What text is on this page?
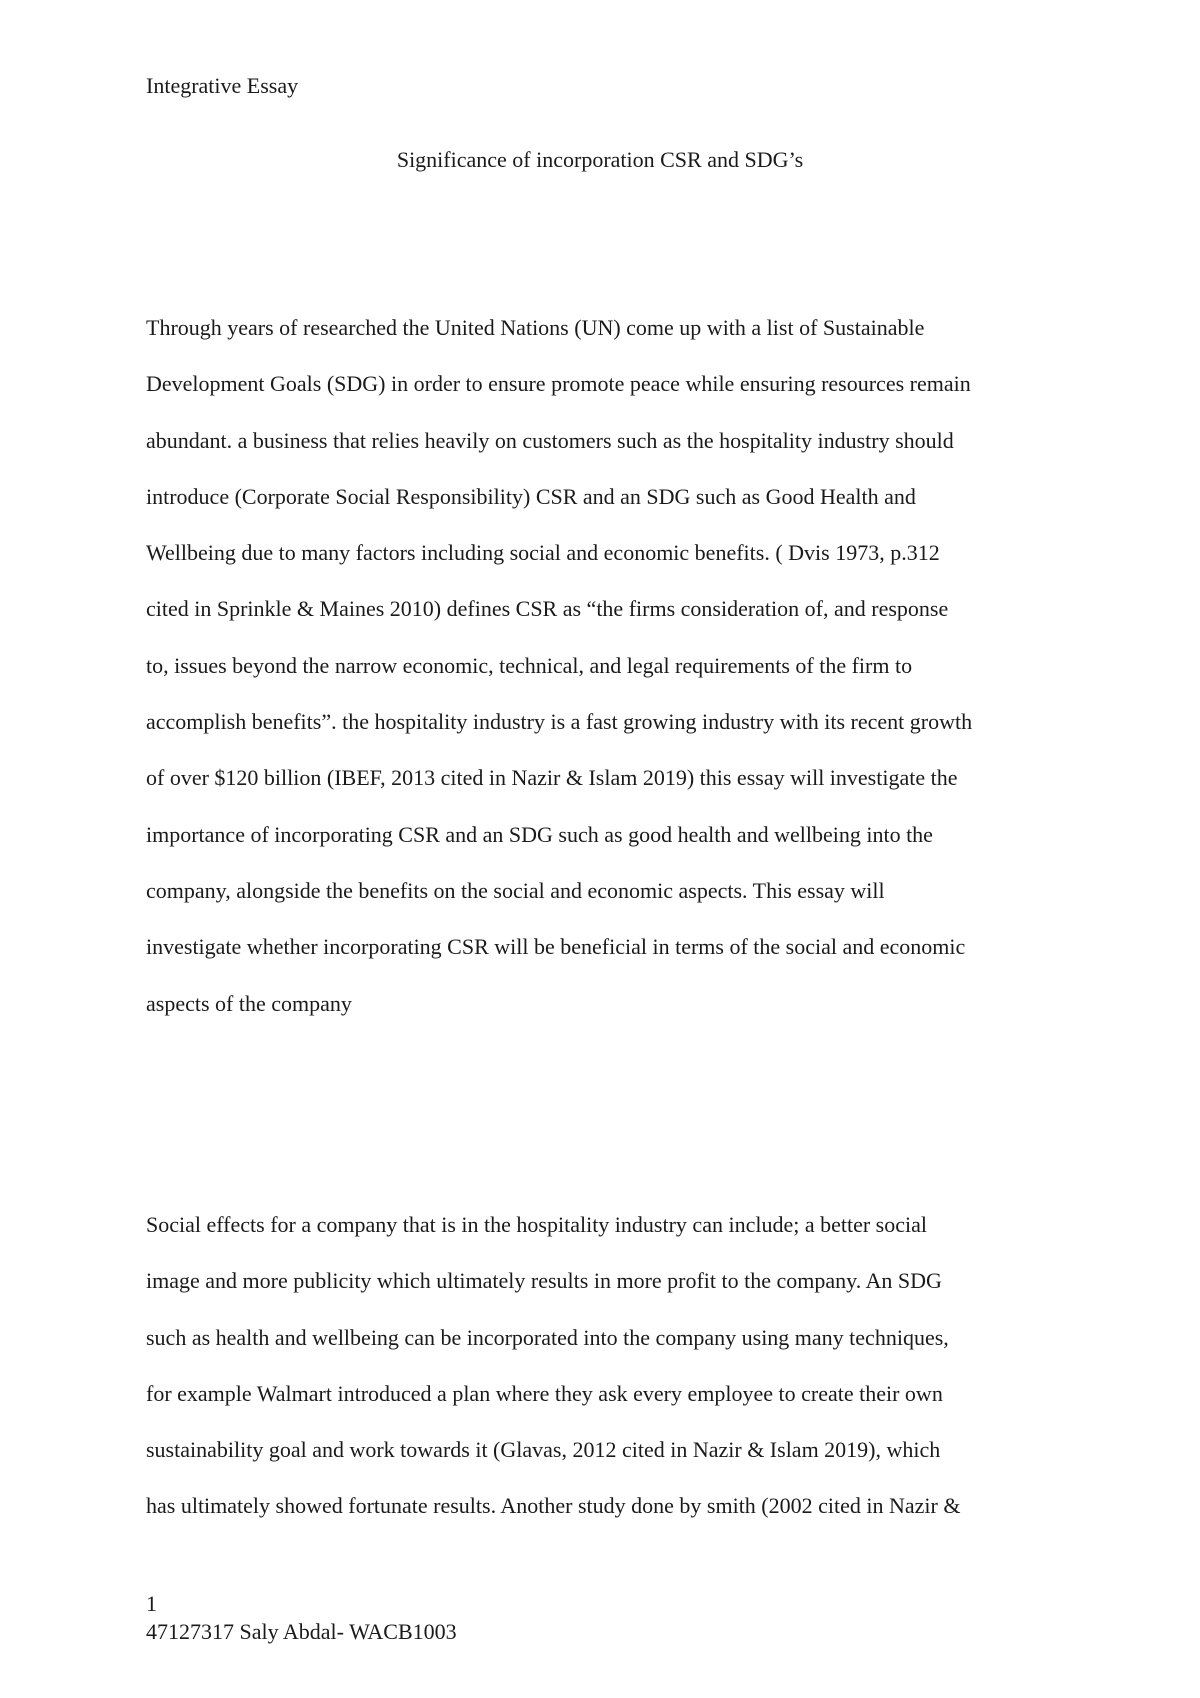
Integrative Essay
Significance of incorporation CSR and SDG’s
Through years of researched the United Nations (UN) come up with a list of Sustainable
Development Goals (SDG) in order to ensure promote peace while ensuring resources remain
abundant. a business that relies heavily on customers such as the hospitality industry should
introduce (Corporate Social Responsibility) CSR and an SDG such as Good Health and
Wellbeing due to many factors including social and economic benefits. ( Dvis 1973, p.312
cited in Sprinkle & Maines 2010) defines CSR as “the firms consideration of, and response
to, issues beyond the narrow economic, technical, and legal requirements of the firm to
accomplish benefits”. the hospitality industry is a fast growing industry with its recent growth
of over $120 billion (IBEF, 2013 cited in Nazir & Islam 2019) this essay will investigate the
importance of incorporating CSR and an SDG such as good health and wellbeing into the
company, alongside the benefits on the social and economic aspects. This essay will
investigate whether incorporating CSR will be beneficial in terms of the social and economic
aspects of the company
Social effects for a company that is in the hospitality industry can include; a better social
image and more publicity which ultimately results in more profit to the company. An SDG
such as health and wellbeing can be incorporated into the company using many techniques,
for example Walmart introduced a plan where they ask every employee to create their own
sustainability goal and work towards it (Glavas, 2012 cited in Nazir & Islam 2019), which
has ultimately showed fortunate results. Another study done by smith (2002 cited in Nazir &
1
47127317 Saly Abdal- WACB1003
